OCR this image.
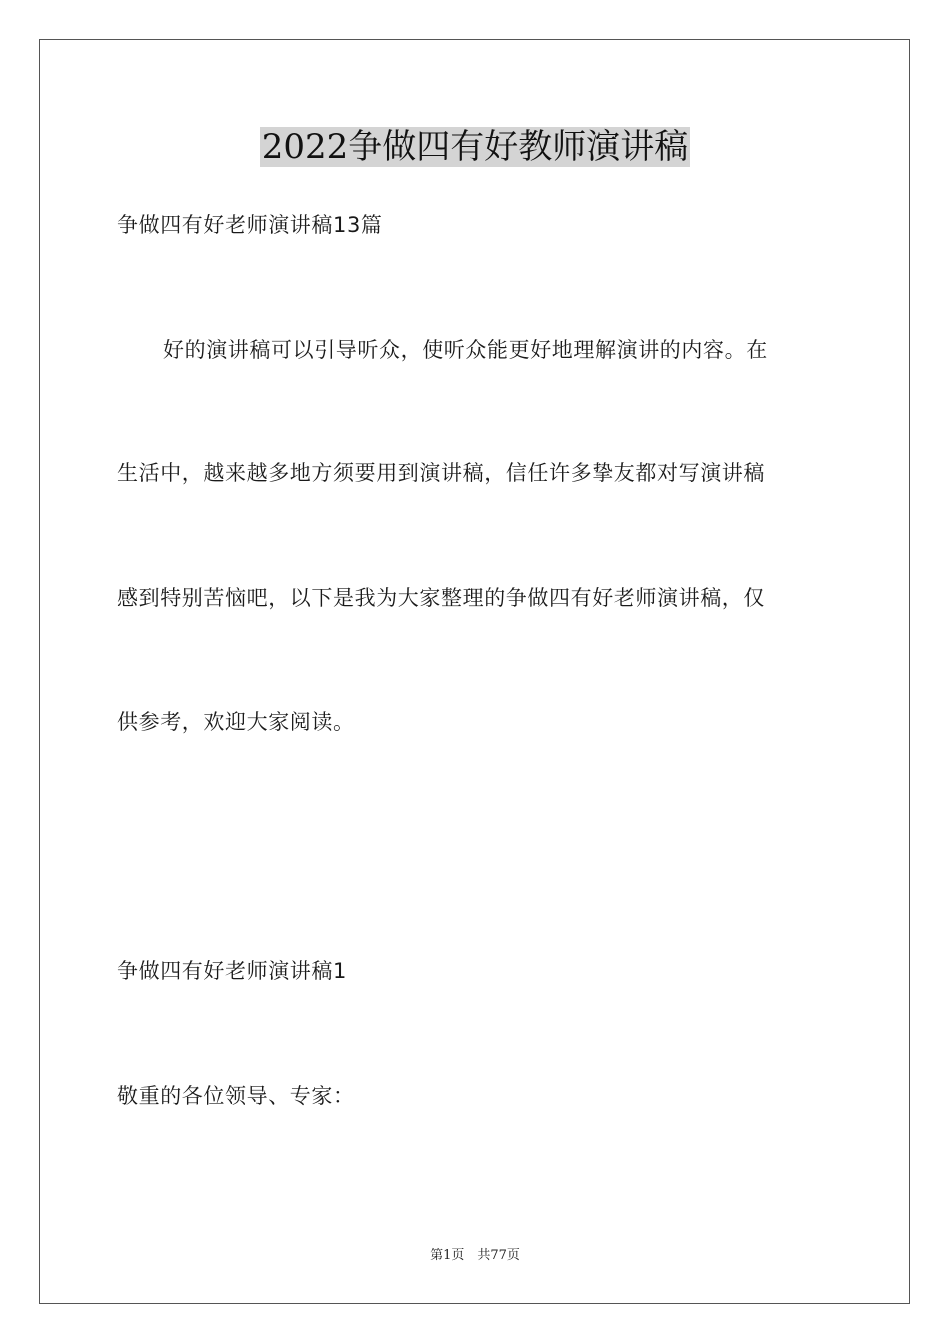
2022争做四有好教师演讲稿
争做四有好老师演讲稿13篇
好的演讲稿可以引导听众，使听众能更好地理解演讲的内容。在
生活中，越来越多地方须要用到演讲稿，信任许多挚友都对写演讲稿
感到特别苦恼吧，以下是我为大家整理的争做四有好老师演讲稿，仅
供参考，欢迎大家阅读。
争做四有好老师演讲稿1
敬重的各位领导、专家：
第1页　共77页
